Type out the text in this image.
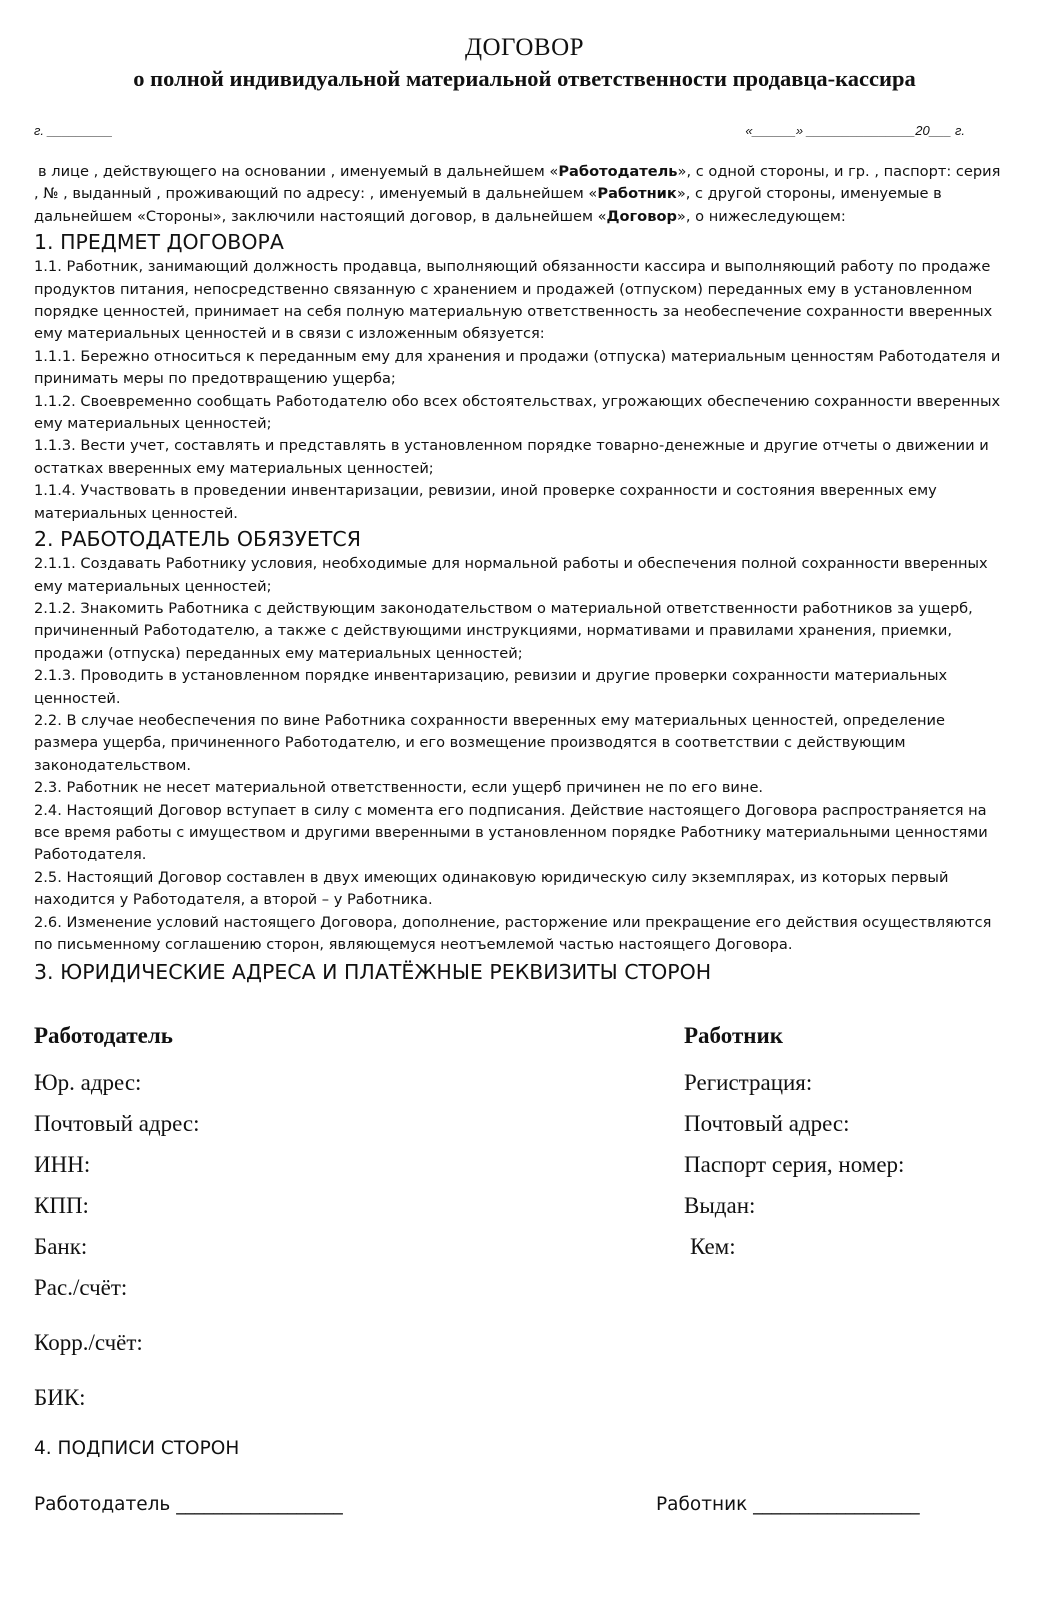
ДОГОВОР
о полной индивидуальной материальной ответственности продавца-кассира
г. _________	«______» _______________20___ г.

в лице , действующего на основании , именуемый в дальнейшем «Работодатель», с одной стороны, и гр. , паспорт: серия , № , выданный , проживающий по адресу: , именуемый в дальнейшем «Работник», с другой стороны, именуемые в дальнейшем «Стороны», заключили настоящий договор, в дальнейшем «Договор», о нижеследующем:

1. ПРЕДМЕТ ДОГОВОРА

1.1. Работник, занимающий должность продавца, выполняющий обязанности кассира и выполняющий работу по продаже продуктов питания, непосредственно связанную с хранением и продажей (отпуском) переданных ему в установленном порядке ценностей, принимает на себя полную материальную ответственность за необеспечение сохранности вверенных ему материальных ценностей и в связи с изложенным обязуется:

1.1.1. Бережно относиться к переданным ему для хранения и продажи (отпуска) материальным ценностям Работодателя и принимать меры по предотвращению ущерба;

1.1.2. Своевременно сообщать Работодателю обо всех обстоятельствах, угрожающих обеспечению сохранности вверенных ему материальных ценностей;

1.1.3. Вести учет, составлять и представлять в установленном порядке товарно-денежные и другие отчеты о движении и остатках вверенных ему материальных ценностей;

1.1.4. Участвовать в проведении инвентаризации, ревизии, иной проверке сохранности и состояния вверенных ему материальных ценностей.

2. РАБОТОДАТЕЛЬ ОБЯЗУЕТСЯ

2.1.1. Создавать Работнику условия, необходимые для нормальной работы и обеспечения полной сохранности вверенных ему материальных ценностей;

2.1.2. Знакомить Работника с действующим законодательством о материальной ответственности работников за ущерб, причиненный Работодателю, а также с действующими инструкциями, нормативами и правилами хранения, приемки, продажи (отпуска) переданных ему материальных ценностей;

2.1.3. Проводить в установленном порядке инвентаризацию, ревизии и другие проверки сохранности материальных ценностей.

2.2. В случае необеспечения по вине Работника сохранности вверенных ему материальных ценностей, определение размера ущерба, причиненного Работодателю, и его возмещение производятся в соответствии с действующим законодательством.

2.3. Работник не несет материальной ответственности, если ущерб причинен не по его вине.

2.4. Настоящий Договор вступает в силу с момента его подписания. Действие настоящего Договора распространяется на все время работы с имуществом и другими вверенными в установленном порядке Работнику материальными ценностями Работодателя.

2.5. Настоящий Договор составлен в двух имеющих одинаковую юридическую силу экземплярах, из которых первый находится у Работодателя, а второй – у Работника.

2.6. Изменение условий настоящего Договора, дополнение, расторжение или прекращение его действия осуществляются по письменному соглашению сторон, являющемуся неотъемлемой частью настоящего Договора.

3. ЮРИДИЧЕСКИЕ АДРЕСА И ПЛАТЁЖНЫЕ РЕКВИЗИТЫ СТОРОН
Работодатель
Юр. адрес:
Почтовый адрес:
ИНН:
КПП:
Банк:
Рас./счёт:
Корр./счёт:
БИК:
Работник
Регистрация:
Почтовый адрес:
Паспорт серия, номер:
Выдан:
Кем:
4. ПОДПИСИ СТОРОН
Работодатель __________________	Работник __________________
